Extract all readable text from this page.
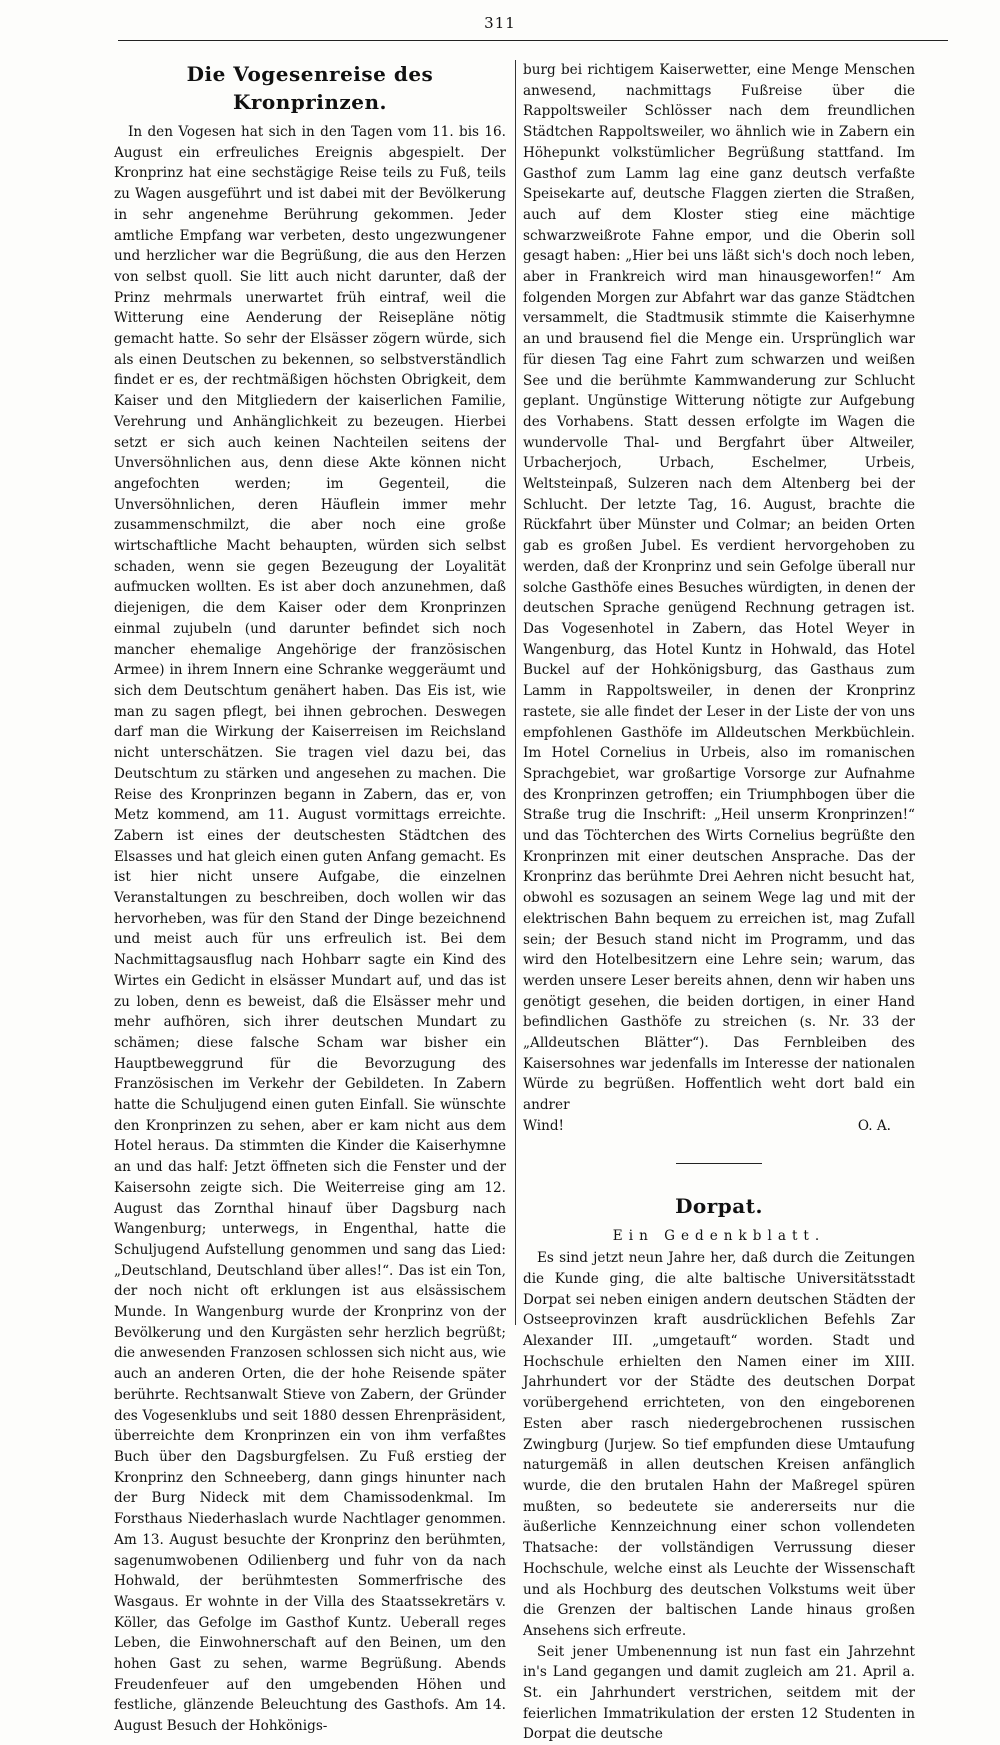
311
Die Vogesenreise des Kronprinzen.

In den Vogesen hat sich in den Tagen vom 11. bis 16. August ein erfreuliches Ereignis abgespielt. Der Kronprinz hat eine sechstägige Reise teils zu Fuß, teils zu Wagen ausgeführt und ist dabei mit der Bevölkerung in sehr angenehme Berührung gekommen. Jeder amtliche Empfang war verbeten, desto ungezwungener und herzlicher war die Begrüßung, die aus den Herzen von selbst quoll. Sie litt auch nicht darunter, daß der Prinz mehrmals unerwartet früh eintraf, weil die Witterung eine Aenderung der Reisepläne nötig gemacht hatte. So sehr der Elsässer zögern würde, sich als einen Deutschen zu bekennen, so selbstverständlich findet er es, der rechtmäßigen höchsten Obrigkeit, dem Kaiser und den Mitgliedern der kaiserlichen Familie, Verehrung und Anhänglichkeit zu bezeugen. Hierbei setzt er sich auch keinen Nachteilen seitens der Unversöhnlichen aus, denn diese Akte können nicht angefochten werden; im Gegenteil, die Unversöhnlichen, deren Häuflein immer mehr zusammenschmilzt, die aber noch eine große wirtschaftliche Macht behaupten, würden sich selbst schaden, wenn sie gegen Bezeugung der Loyalität aufmucken wollten. Es ist aber doch anzunehmen, daß diejenigen, die dem Kaiser oder dem Kronprinzen einmal zujubeln (und darunter befindet sich noch mancher ehemalige Angehörige der französischen Armee) in ihrem Innern eine Schranke weggeräumt und sich dem Deutschtum genähert haben. Das Eis ist, wie man zu sagen pflegt, bei ihnen gebrochen. Deswegen darf man die Wirkung der Kaiserreisen im Reichsland nicht unterschätzen. Sie tragen viel dazu bei, das Deutschtum zu stärken und angesehen zu machen. Die Reise des Kronprinzen begann in Zabern, das er, von Metz kommend, am 11. August vormittags erreichte. Zabern ist eines der deutschesten Städtchen des Elsasses und hat gleich einen guten Anfang gemacht. Es ist hier nicht unsere Aufgabe, die einzelnen Veranstaltungen zu beschreiben, doch wollen wir das hervorheben, was für den Stand der Dinge bezeichnend und meist auch für uns erfreulich ist. Bei dem Nachmittagsausflug nach Hohbarr sagte ein Kind des Wirtes ein Gedicht in elsässer Mundart auf, und das ist zu loben, denn es beweist, daß die Elsässer mehr und mehr aufhören, sich ihrer deutschen Mundart zu schämen; diese falsche Scham war bisher ein Hauptbeweggrund für die Bevorzugung des Französischen im Verkehr der Gebildeten. In Zabern hatte die Schuljugend einen guten Einfall. Sie wünschte den Kronprinzen zu sehen, aber er kam nicht aus dem Hotel heraus. Da stimmten die Kinder die Kaiserhymne an und das half: Jetzt öffneten sich die Fenster und der Kaisersohn zeigte sich. Die Weiterreise ging am 12. August das Zornthal hinauf über Dagsburg nach Wangenburg; unterwegs, in Engenthal, hatte die Schuljugend Aufstellung genommen und sang das Lied: „Deutschland, Deutschland über alles!“. Das ist ein Ton, der noch nicht oft erklungen ist aus elsässischem Munde. In Wangenburg wurde der Kronprinz von der Bevölkerung und den Kurgästen sehr herzlich begrüßt; die anwesenden Franzosen schlossen sich nicht aus, wie auch an anderen Orten, die der hohe Reisende später berührte. Rechtsanwalt Stieve von Zabern, der Gründer des Vogesenklubs und seit 1880 dessen Ehrenpräsident, überreichte dem Kronprinzen ein von ihm verfaßtes Buch über den Dagsburgfelsen. Zu Fuß erstieg der Kronprinz den Schneeberg, dann gings hinunter nach der Burg Nideck mit dem Chamissodenkmal. Im Forsthaus Niederhaslach wurde Nachtlager genommen. Am 13. August besuchte der Kronprinz den berühmten, sagenumwobenen Odilienberg und fuhr von da nach Hohwald, der berühmtesten Sommerfrische des Wasgaus. Er wohnte in der Villa des Staatssekretärs v. Köller, das Gefolge im Gasthof Kuntz. Ueberall reges Leben, die Einwohnerschaft auf den Beinen, um den hohen Gast zu sehen, warme Begrüßung. Abends Freudenfeuer auf den umgebenden Höhen und festliche, glänzende Beleuchtung des Gasthofs. Am 14. August Besuch der Hohkönigs-

burg bei richtigem Kaiserwetter, eine Menge Menschen anwesend, nachmittags Fußreise über die Rappoltsweiler Schlösser nach dem freundlichen Städtchen Rappoltsweiler, wo ähnlich wie in Zabern ein Höhepunkt volkstümlicher Begrüßung stattfand. Im Gasthof zum Lamm lag eine ganz deutsch verfaßte Speisekarte auf, deutsche Flaggen zierten die Straßen, auch auf dem Kloster stieg eine mächtige schwarzweißrote Fahne empor, und die Oberin soll gesagt haben: „Hier bei uns läßt sich's doch noch leben, aber in Frankreich wird man hinausgeworfen!“ Am folgenden Morgen zur Abfahrt war das ganze Städtchen versammelt, die Stadtmusik stimmte die Kaiserhymne an und brausend fiel die Menge ein. Ursprünglich war für diesen Tag eine Fahrt zum schwarzen und weißen See und die berühmte Kammwanderung zur Schlucht geplant. Ungünstige Witterung nötigte zur Aufgebung des Vorhabens. Statt dessen erfolgte im Wagen die wundervolle Thal- und Bergfahrt über Altweiler, Urbacherjoch, Urbach, Eschelmer, Urbeis, Weltsteinpaß, Sulzeren nach dem Altenberg bei der Schlucht. Der letzte Tag, 16. August, brachte die Rückfahrt über Münster und Colmar; an beiden Orten gab es großen Jubel. Es verdient hervorgehoben zu werden, daß der Kronprinz und sein Gefolge überall nur solche Gasthöfe eines Besuches würdigten, in denen der deutschen Sprache genügend Rechnung getragen ist. Das Vogesenhotel in Zabern, das Hotel Weyer in Wangenburg, das Hotel Kuntz in Hohwald, das Hotel Buckel auf der Hohkönigsburg, das Gasthaus zum Lamm in Rappoltsweiler, in denen der Kronprinz rastete, sie alle findet der Leser in der Liste der von uns empfohlenen Gasthöfe im Alldeutschen Merkbüchlein. Im Hotel Cornelius in Urbeis, also im romanischen Sprachgebiet, war großartige Vorsorge zur Aufnahme des Kronprinzen getroffen; ein Triumphbogen über die Straße trug die Inschrift: „Heil unserm Kronprinzen!“ und das Töchterchen des Wirts Cornelius begrüßte den Kronprinzen mit einer deutschen Ansprache. Das der Kronprinz das berühmte Drei Aehren nicht besucht hat, obwohl es sozusagen an seinem Wege lag und mit der elektrischen Bahn bequem zu erreichen ist, mag Zufall sein; der Besuch stand nicht im Programm, und das wird den Hotelbesitzern eine Lehre sein; warum, das werden unsere Leser bereits ahnen, denn wir haben uns genötigt gesehen, die beiden dortigen, in einer Hand befindlichen Gasthöfe zu streichen (s. Nr. 33 der „Alldeutschen Blätter“). Das Fernbleiben des Kaisersohnes war jedenfalls im Interesse der nationalen Würde zu begrüßen. Hoffentlich weht dort bald ein andrer

Wind!	O. A.
Dorpat.
Ein Gedenkblatt.

Es sind jetzt neun Jahre her, daß durch die Zeitungen die Kunde ging, die alte baltische Universitätsstadt Dorpat sei neben einigen andern deutschen Städten der Ostseeprovinzen kraft ausdrücklichen Befehls Zar Alexander III. „umgetauft“ worden. Stadt und Hochschule erhielten den Namen einer im XIII. Jahrhundert vor der Städte des deutschen Dorpat vorübergehend errichteten, von den eingeborenen Esten aber rasch niedergebrochenen russischen Zwingburg (Jurjew. So tief empfunden diese Umtaufung naturgemäß in allen deutschen Kreisen anfänglich wurde, die den brutalen Hahn der Maßregel spüren mußten, so bedeutete sie andererseits nur die äußerliche Kennzeichnung einer schon vollendeten Thatsache: der vollständigen Verrussung dieser Hochschule, welche einst als Leuchte der Wissenschaft und als Hochburg des deutschen Volkstums weit über die Grenzen der baltischen Lande hinaus großen Ansehens sich erfreute.

Seit jener Umbenennung ist nun fast ein Jahrzehnt in's Land gegangen und damit zugleich am 21. April a. St. ein Jahrhundert verstrichen, seitdem mit der feierlichen Immatrikulation der ersten 12 Studenten in Dorpat die deutsche
